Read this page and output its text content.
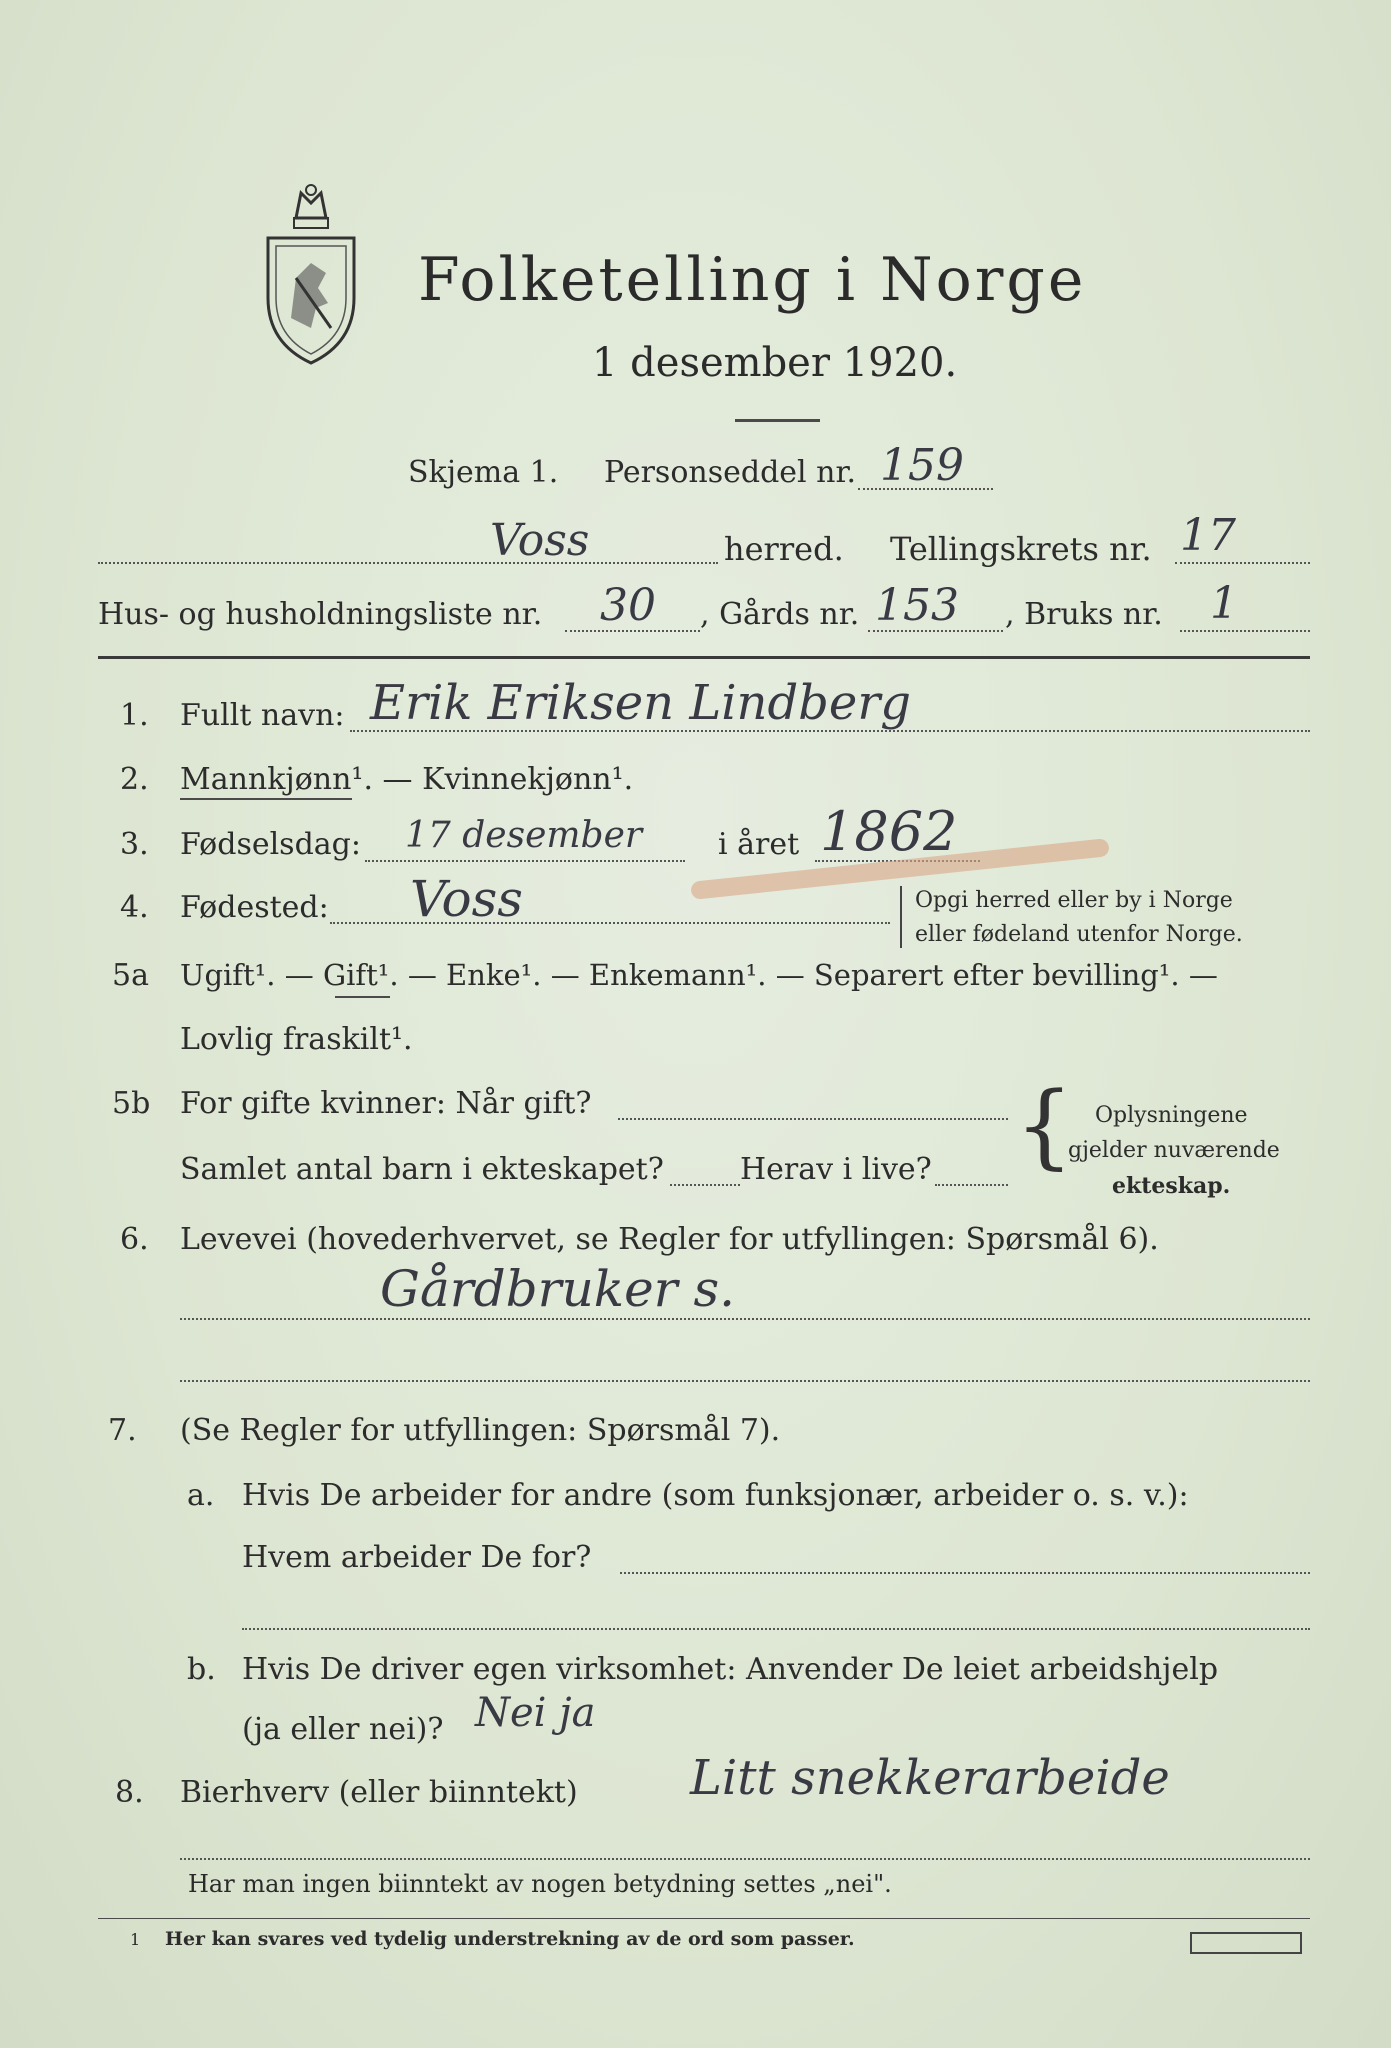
Folketelling i Norge
1 desember 1920.
Skjema 1. Personseddel nr. 159
Voss	herred. Tellingskrets nr. 17
Hus- og husholdningsliste nr. 30 , Gårds nr. 153 , Bruks nr. 1
1. Fullt navn: Erik Eriksen Lindberg
2. Mannkjønn¹. — Kvinnekjønn¹.
3. Fødselsdag: 17 desember	i året 1862
4. Fødested: Voss	Opgi herred eller by i Norge
eller fødeland utenfor Norge.
5a Ugift¹. — Gift¹. — Enke¹. — Enkemann¹. — Separert efter bevilling¹. —
Lovlig fraskilt¹.
5b For gifte kvinner: Når gift?
Samlet antal barn i ekteskapet?	Herav i live? { Oplysningene
gjelder nuværende
ekteskap.
6. Levevei (hovederhvervet, se Regler for utfyllingen: Spørsmål 6).
Gårdbruker s.
7. (Se Regler for utfyllingen: Spørsmål 7).
a. Hvis De arbeider for andre (som funksjonær, arbeider o. s. v.):
Hvem arbeider De for?
b. Hvis De driver egen virksomhet: Anvender De leiet arbeidshjelp
(ja eller nei)? Nei ja
8. Bierhverv (eller biinntekt) Litt snekkerarbeide
Har man ingen biinntekt av nogen betydning settes „nei".
1 Her kan svares ved tydelig understrekning av de ord som passer.
